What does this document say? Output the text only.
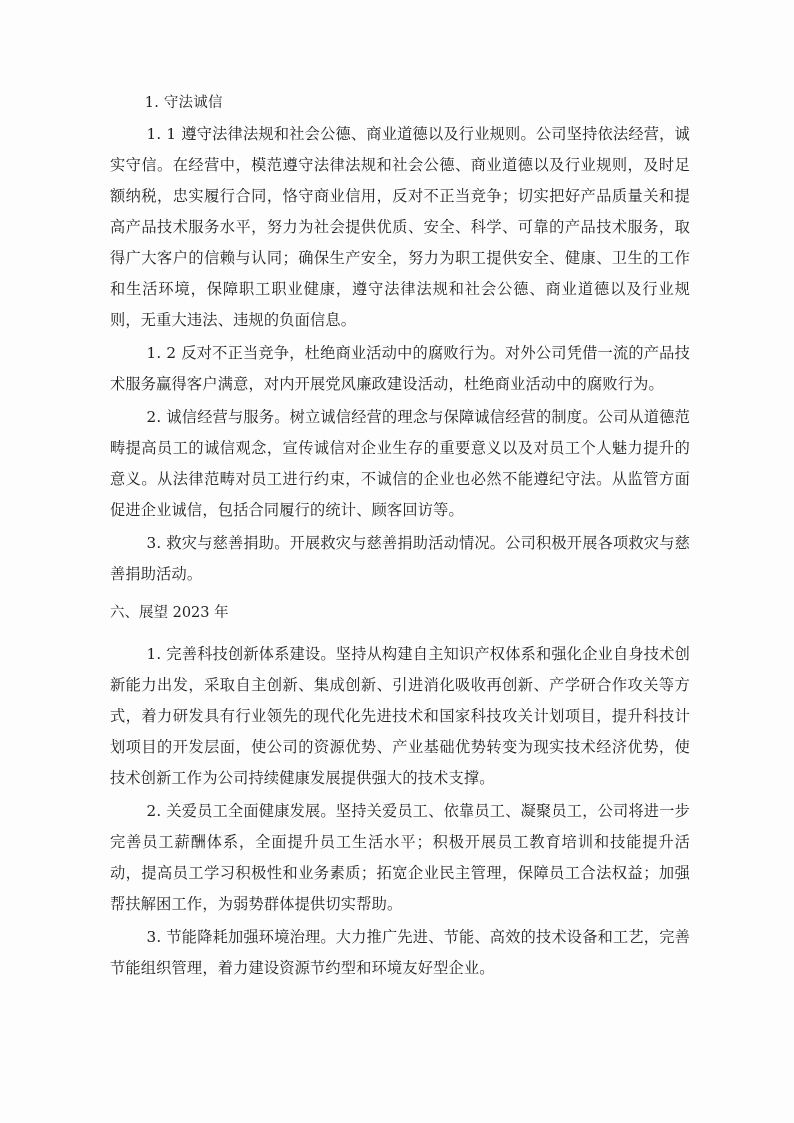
1. 守法诚信

1. 1 遵守法律法规和社会公德、商业道德以及行业规则。公司坚持依法经营，诚实守信。在经营中，模范遵守法律法规和社会公德、商业道德以及行业规则，及时足额纳税，忠实履行合同，恪守商业信用，反对不正当竞争；切实把好产品质量关和提高产品技术服务水平，努力为社会提供优质、安全、科学、可靠的产品技术服务，取得广大客户的信赖与认同；确保生产安全，努力为职工提供安全、健康、卫生的工作和生活环境，保障职工职业健康，遵守法律法规和社会公德、商业道德以及行业规则，无重大违法、违规的负面信息。

1. 2 反对不正当竞争，杜绝商业活动中的腐败行为。对外公司凭借一流的产品技术服务赢得客户满意，对内开展党风廉政建设活动，杜绝商业活动中的腐败行为。

2. 诚信经营与服务。树立诚信经营的理念与保障诚信经营的制度。公司从道德范畴提高员工的诚信观念，宣传诚信对企业生存的重要意义以及对员工个人魅力提升的意义。从法律范畴对员工进行约束，不诚信的企业也必然不能遵纪守法。从监管方面促进企业诚信，包括合同履行的统计、顾客回访等。

3. 救灾与慈善捐助。开展救灾与慈善捐助活动情况。公司积极开展各项救灾与慈善捐助活动。

六、展望 2023 年

1. 完善科技创新体系建设。坚持从构建自主知识产权体系和强化企业自身技术创新能力出发，采取自主创新、集成创新、引进消化吸收再创新、产学研合作攻关等方式，着力研发具有行业领先的现代化先进技术和国家科技攻关计划项目，提升科技计划项目的开发层面，使公司的资源优势、产业基础优势转变为现实技术经济优势，使技术创新工作为公司持续健康发展提供强大的技术支撑。

2. 关爱员工全面健康发展。坚持关爱员工、依靠员工、凝聚员工，公司将进一步完善员工薪酬体系，全面提升员工生活水平；积极开展员工教育培训和技能提升活动，提高员工学习积极性和业务素质；拓宽企业民主管理，保障员工合法权益；加强帮扶解困工作，为弱势群体提供切实帮助。

3. 节能降耗加强环境治理。大力推广先进、节能、高效的技术设备和工艺，完善节能组织管理，着力建设资源节约型和环境友好型企业。
